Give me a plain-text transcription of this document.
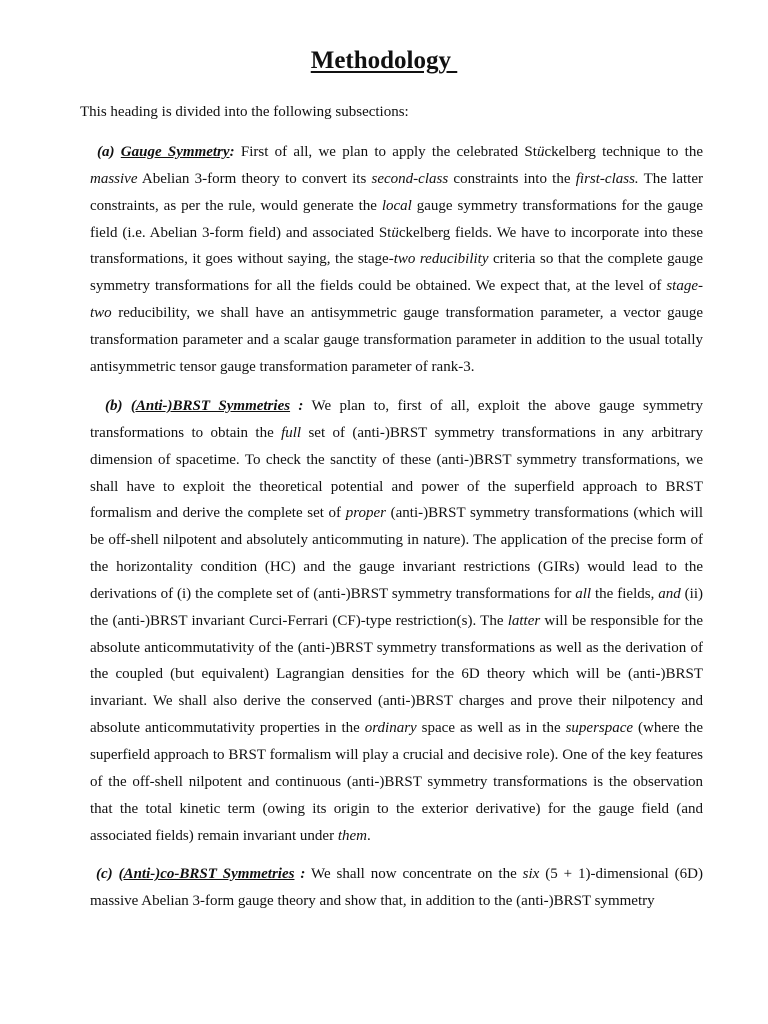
Methodology
This heading is divided into the following subsections:

(a) Gauge Symmetry: First of all, we plan to apply the celebrated Stückelberg technique to the massive Abelian 3-form theory to convert its second-class constraints into the first-class. The latter constraints, as per the rule, would generate the local gauge symmetry transformations for the gauge field (i.e. Abelian 3-form field) and associated Stückelberg fields. We have to incorporate into these transformations, it goes without saying, the stage-two reducibility criteria so that the complete gauge symmetry transformations for all the fields could be obtained. We expect that, at the level of stage-two reducibility, we shall have an antisymmetric gauge transformation parameter, a vector gauge transformation parameter and a scalar gauge transformation parameter in addition to the usual totally antisymmetric tensor gauge transformation parameter of rank-3.

(b) (Anti-)BRST Symmetries : We plan to, first of all, exploit the above gauge symmetry transformations to obtain the full set of (anti-)BRST symmetry transformations in any arbitrary dimension of spacetime. To check the sanctity of these (anti-)BRST symmetry transformations, we shall have to exploit the theoretical potential and power of the superfield approach to BRST formalism and derive the complete set of proper (anti-)BRST symmetry transformations (which will be off-shell nilpotent and absolutely anticommuting in nature). The application of the precise form of the horizontality condition (HC) and the gauge invariant restrictions (GIRs) would lead to the derivations of (i) the complete set of (anti-)BRST symmetry transformations for all the fields, and (ii) the (anti-)BRST invariant Curci-Ferrari (CF)-type restriction(s). The latter will be responsible for the absolute anticommutativity of the (anti-)BRST symmetry transformations as well as the derivation of the coupled (but equivalent) Lagrangian densities for the 6D theory which will be (anti-)BRST invariant. We shall also derive the conserved (anti-)BRST charges and prove their nilpotency and absolute anticommutativity properties in the ordinary space as well as in the superspace (where the superfield approach to BRST formalism will play a crucial and decisive role). One of the key features of the off-shell nilpotent and continuous (anti-)BRST symmetry transformations is the observation that the total kinetic term (owing its origin to the exterior derivative) for the gauge field (and associated fields) remain invariant under them.

(c) (Anti-)co-BRST Symmetries : We shall now concentrate on the six (5 + 1)-dimensional (6D) massive Abelian 3-form gauge theory and show that, in addition to the (anti-)BRST symmetry
